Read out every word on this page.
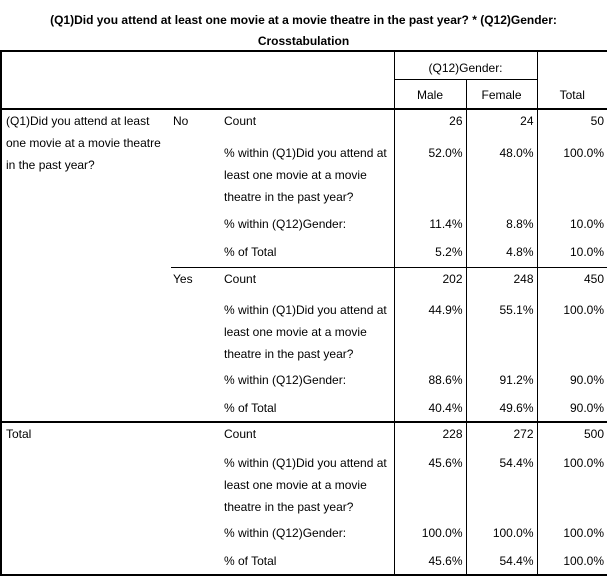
(Q1)Did you attend at least one movie at a movie theatre in the past year? * (Q12)Gender:
Crosstabulation
			(Q12)Gender:		Total
			Male	Female	
(Q1)Did you attend at least one movie at a movie theatre in the past year?	No	Count	26	24	50
		% within (Q1)Did you attend at least one movie at a movie theatre in the past year?	52.0%	48.0%	100.0%
		% within (Q12)Gender:	11.4%	8.8%	10.0%
		% of Total	5.2%	4.8%	10.0%
	Yes	Count	202	248	450
		% within (Q1)Did you attend at least one movie at a movie theatre in the past year?	44.9%	55.1%	100.0%
		% within (Q12)Gender:	88.6%	91.2%	90.0%
		% of Total	40.4%	49.6%	90.0%
Total		Count	228	272	500
		% within (Q1)Did you attend at least one movie at a movie theatre in the past year?	45.6%	54.4%	100.0%
		% within (Q12)Gender:	100.0%	100.0%	100.0%
		% of Total	45.6%	54.4%	100.0%
